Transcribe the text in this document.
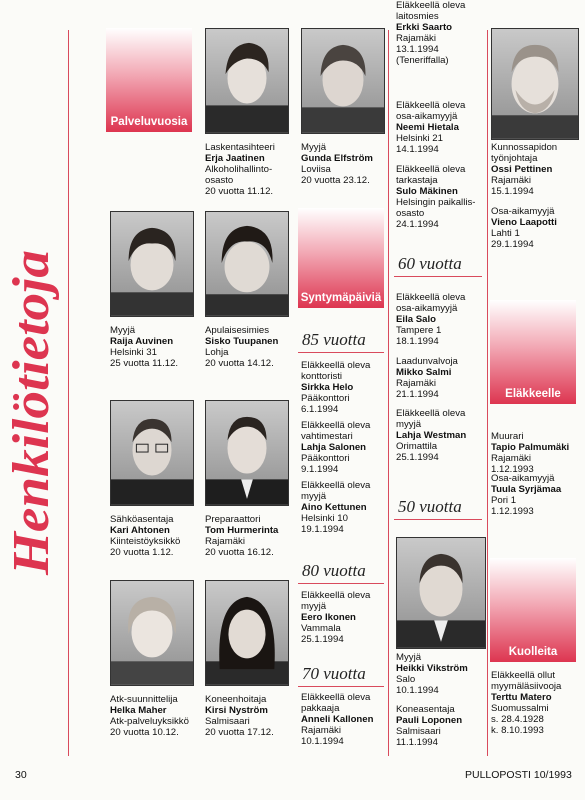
Henkilötietoja
Palveluvuosia
Syntymäpäiviä
Eläkkeelle
Kuolleita
Myyjä
Raija Auvinen
Helsinki 31
25 vuotta 11.12.
Sähköasentaja
Kari Ahtonen
Kiinteistöyksikkö
20 vuotta 1.12.
Atk-suunnittelija
Helka Maher
Atk-palveluyksikkö
20 vuotta 10.12.
Laskentasihteeri
Erja Jaatinen
Alkoholihallinto-
osasto
20 vuotta 11.12.
Apulaisesimies
Sisko Tuupanen
Lohja
20 vuotta 14.12.
Preparaattori
Tom Hurmerinta
Rajamäki
20 vuotta 16.12.
Koneenhoitaja
Kirsi Nyström
Salmisaari
20 vuotta 17.12.
Myyjä
Gunda Elfström
Loviisa
20 vuotta 23.12.
85 vuotta
Eläkkeellä oleva
konttoristi
Sirkka Helo
Pääkonttori
6.1.1994
Eläkkeellä oleva
vahtimestari
Lahja Salonen
Pääkonttori
9.1.1994
Eläkkeellä oleva
myyjä
Aino Kettunen
Helsinki 10
19.1.1994
80 vuotta
Eläkkeellä oleva
myyjä
Eero Ikonen
Vammala
25.1.1994
70 vuotta
Eläkkeellä oleva
pakkaaja
Anneli Kallonen
Rajamäki
10.1.1994
Eläkkeellä oleva
laitosmies
Erkki Saarto
Rajamäki
13.1.1994
(Teneriffalla)
Eläkkeellä oleva
osa-aikamyyjä
Neemi Hietala
Helsinki 21
14.1.1994
Eläkkeellä oleva
tarkastaja
Sulo Mäkinen
Helsingin paikallis-
osasto
24.1.1994
60 vuotta
Eläkkeellä oleva
osa-aikamyyjä
Eila Salo
Tampere 1
18.1.1994
Laadunvalvoja
Mikko Salmi
Rajamäki
21.1.1994
Eläkkeellä oleva
myyjä
Lahja Westman
Orimattila
25.1.1994
50 vuotta
Myyjä
Heikki Vikström
Salo
10.1.1994
Koneasentaja
Pauli Loponen
Salmisaari
11.1.1994
Kunnossapidon
työnjohtaja
Ossi Pettinen
Rajamäki
15.1.1994
Osa-aikamyyjä
Vieno Laapotti
Lahti 1
29.1.1994
Muurari
Tapio Palmumäki
Rajamäki
1.12.1993
Osa-aikamyyjä
Tuula Syrjämaa
Pori 1
1.12.1993
Eläkkeellä ollut
myymäläsiivooja
Terttu Matero
Suomussalmi
s. 28.4.1928
k. 8.10.1993
30	PULLOPOSTI 10/1993
